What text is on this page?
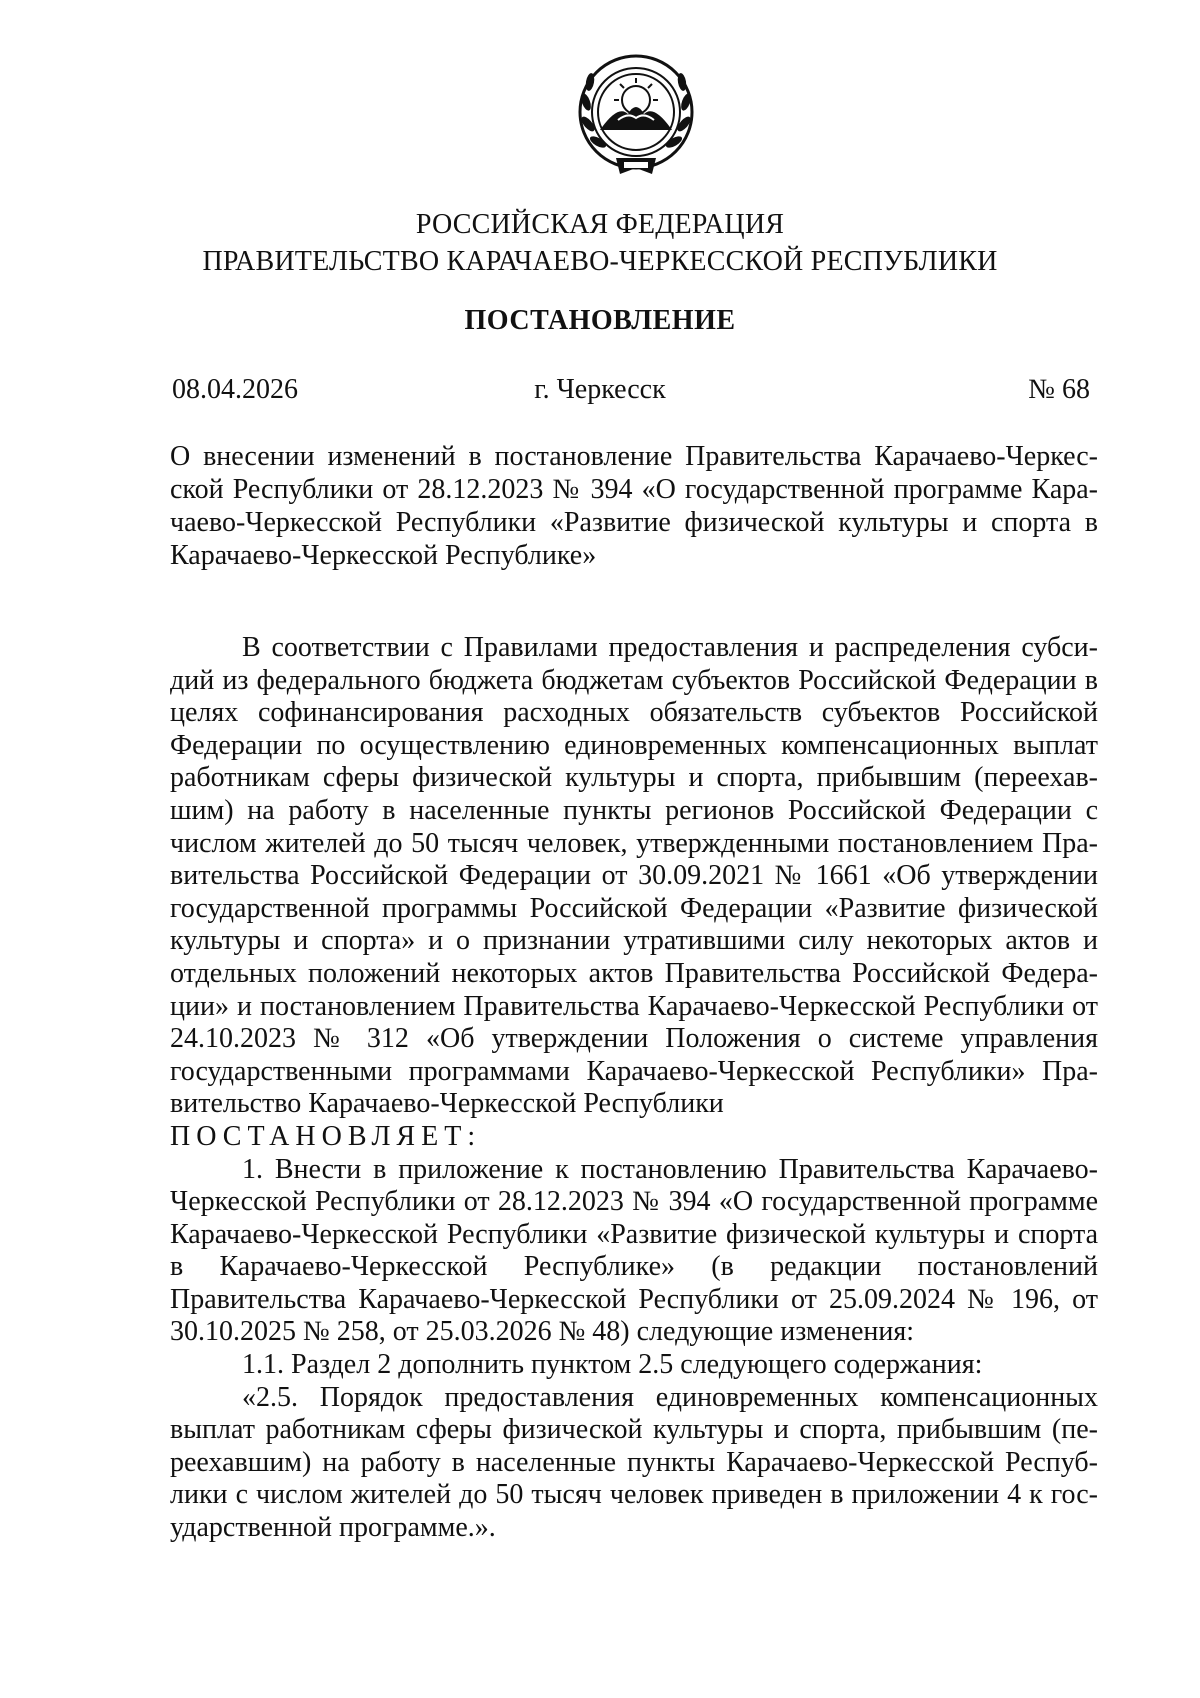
РОССИЙСКАЯ ФЕДЕРАЦИЯ
ПРАВИТЕЛЬСТВО КАРАЧАЕВО-ЧЕРКЕССКОЙ РЕСПУБЛИКИ
ПОСТАНОВЛЕНИЕ
08.04.2026	г. Черкесск	№ 68
О внесении изменений в постановление Правительства Карачаево-Черкесской Республики от 28.12.2023 № 394 «О государственной программе Карачаево-Черкесской Республики «Развитие физической культуры и спорта в Карачаево-Черкесской Республике»

В соответствии с Правилами предоставления и распределения субсидий из федерального бюджета бюджетам субъектов Российской Федерации в целях софинансирования расходных обязательств субъектов Российской Федерации по осуществлению единовременных компенсационных выплат работникам сферы физической культуры и спорта, прибывшим (переехавшим) на работу в населенные пункты регионов Российской Федерации с числом жителей до 50 тысяч человек, утвержденными постановлением Правительства Российской Федерации от 30.09.2021 № 1661 «Об утверждении государственной программы Российской Федерации «Развитие физической культуры и спорта» и о признании утратившими силу некоторых актов и отдельных положений некоторых актов Правительства Российской Федерации» и постановлением Правительства Карачаево-Черкесской Республики от 24.10.2023 № 312 «Об утверждении Положения о системе управления государственными программами Карачаево-Черкесской Республики» Правительство Карачаево-Черкесской Республики

ПОСТАНОВЛЯЕТ:

1. Внести в приложение к постановлению Правительства Карачаево-Черкесской Республики от 28.12.2023 № 394 «О государственной программе Карачаево-Черкесской Республики «Развитие физической культуры и спорта в Карачаево-Черкесской Республике» (в редакции постановлений Правительства Карачаево-Черкесской Республики от 25.09.2024 № 196, от 30.10.2025 № 258, от 25.03.2026 № 48) следующие изменения:

1.1. Раздел 2 дополнить пунктом 2.5 следующего содержания:

«2.5. Порядок предоставления единовременных компенсационных выплат работникам сферы физической культуры и спорта, прибывшим (переехавшим) на работу в населенные пункты Карачаево-Черкесской Республики с числом жителей до 50 тысяч человек приведен в приложении 4 к государственной программе.».
